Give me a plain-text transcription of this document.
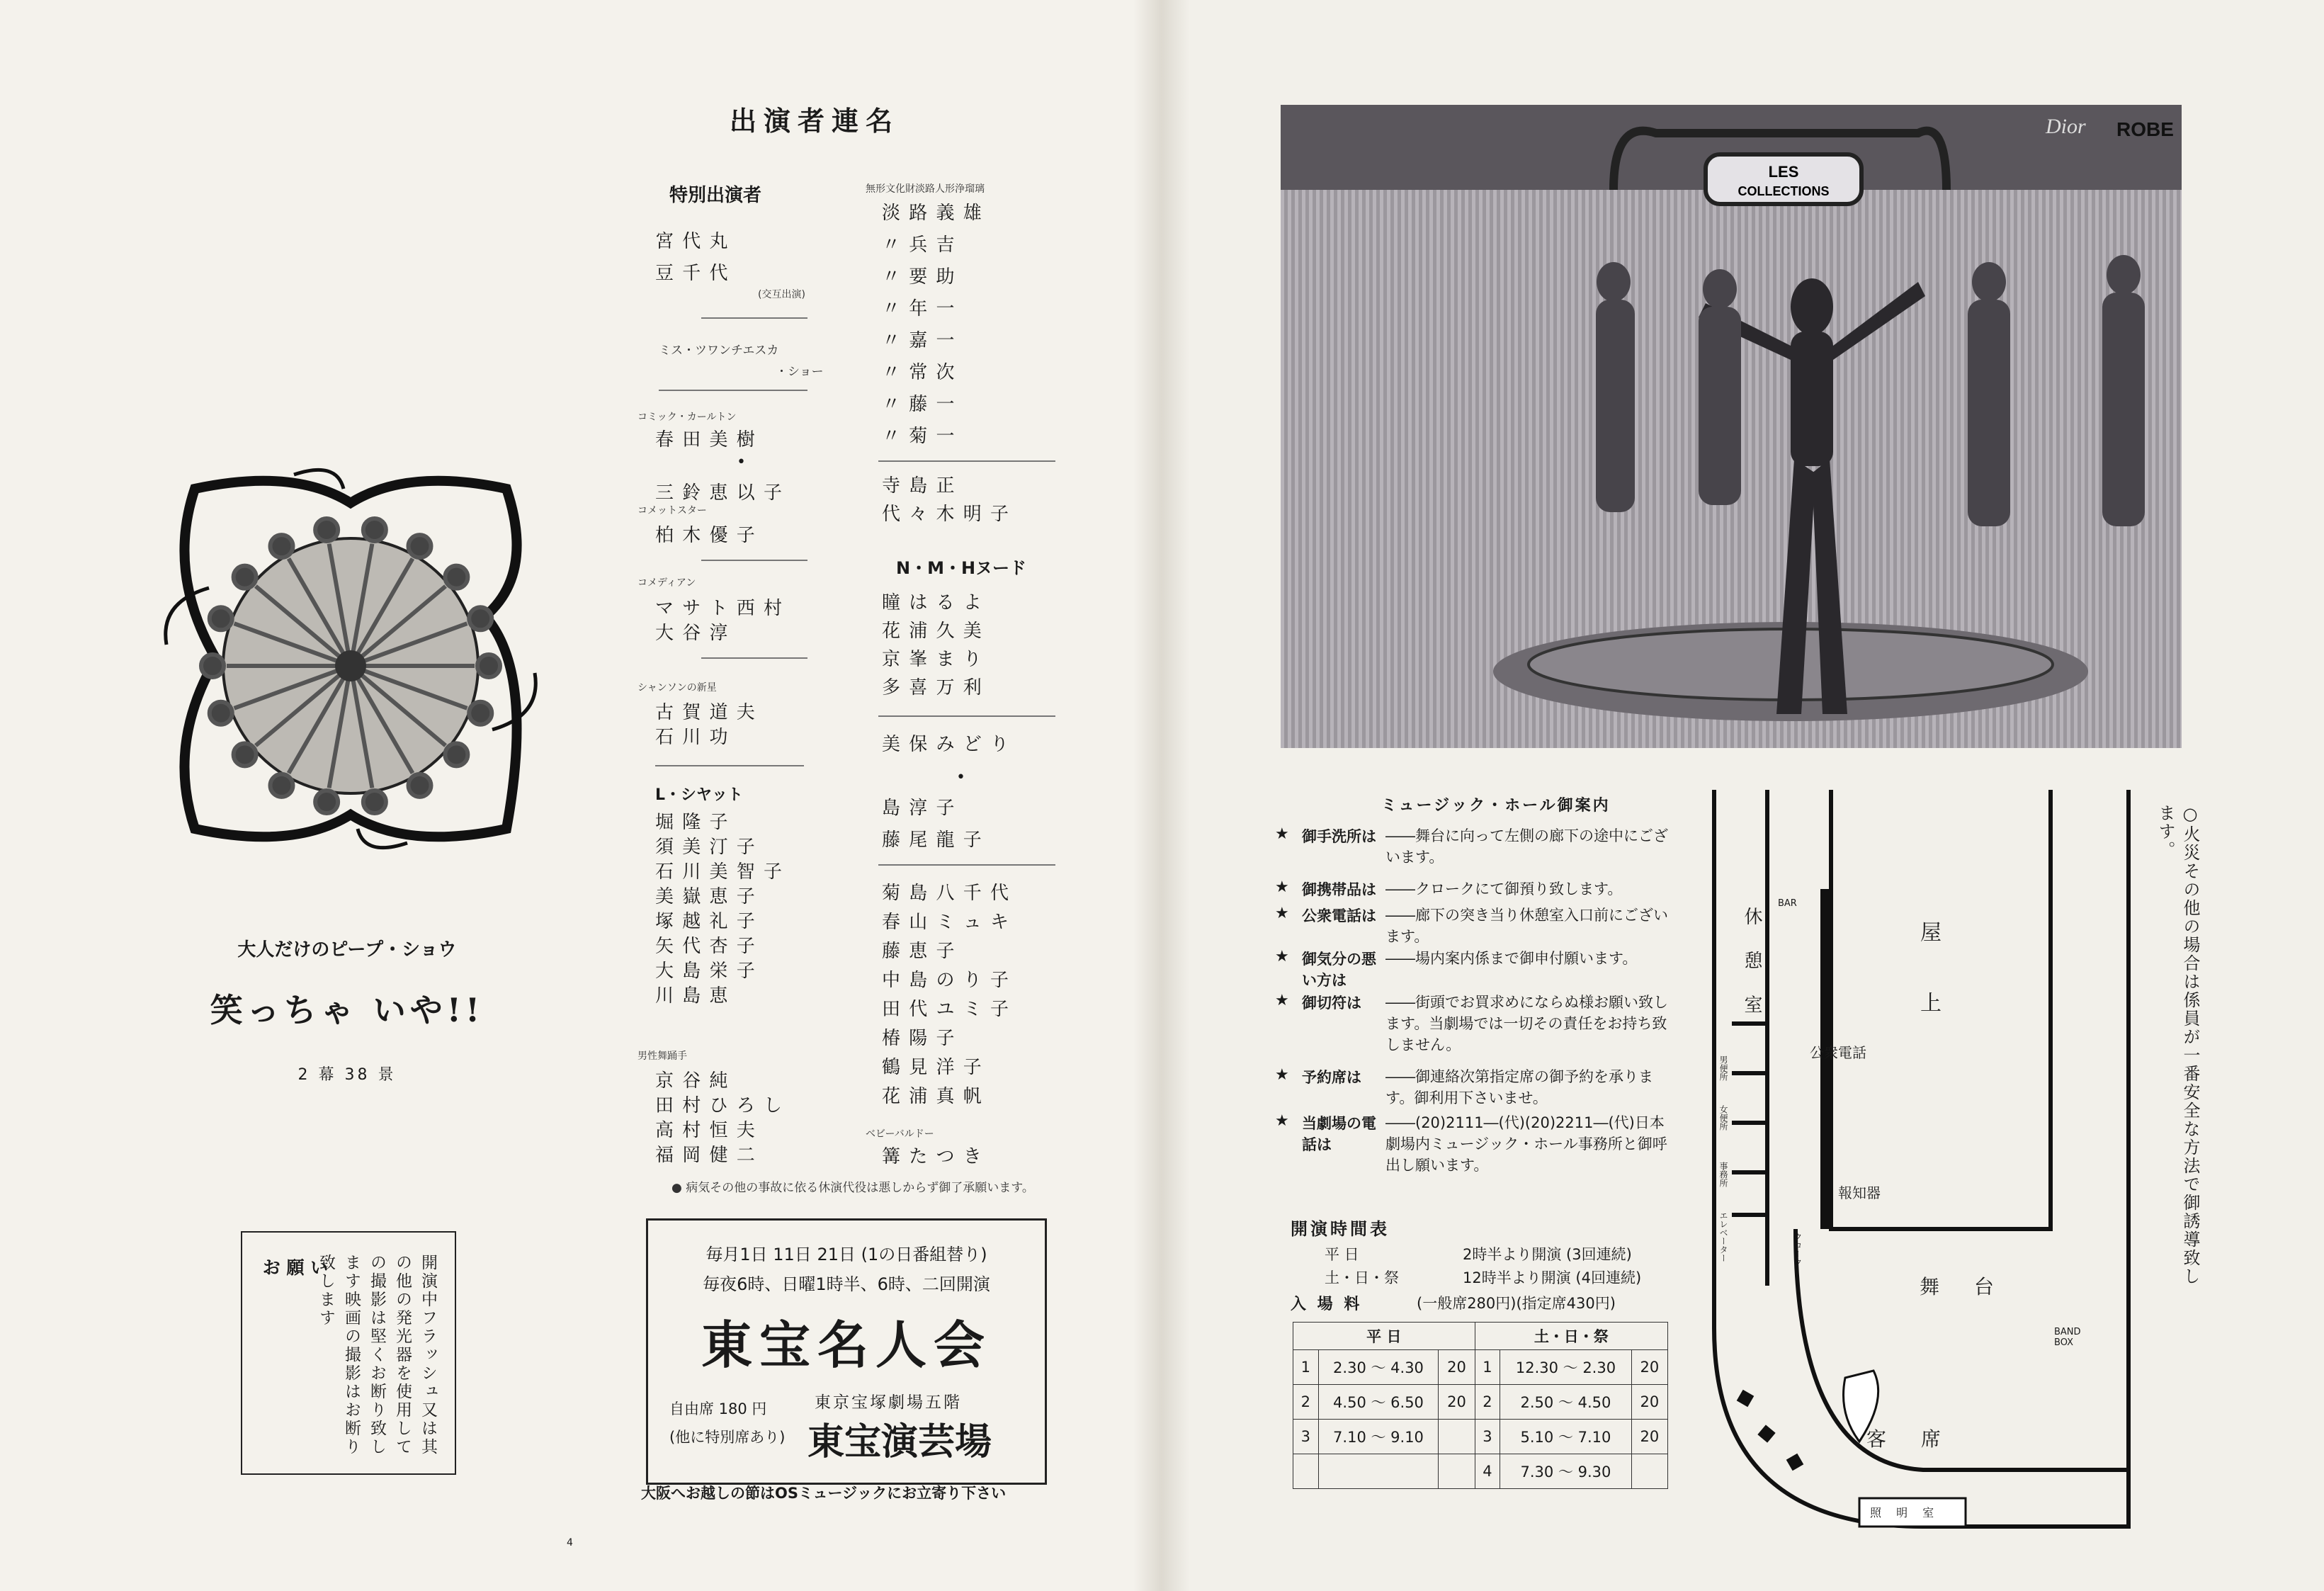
大人だけのピープ・ショウ
笑っちゃ いや!!
2 幕 38 景
お 願 い	開演中フラッシュ又は其の他の発光器を使用しての撮影は堅くお断り致します映画の撮影はお断り致します
出演者連名
特別出演者
宮 代 丸
豆 千 代
(交互出演)
ミス・ツワンチエスカ
・ショー
コミック・カールトン
春 田 美 樹
•
三 鈴 恵 以 子
コメットスター
柏 木 優 子
コメディアン
マ サ ト 西 村
大 谷 淳
シャンソンの新星
古 賀 道 夫
石 川 功
L・シヤット
男性舞踊手
無形文化財淡路人形浄瑠璃
寺 島 正
代 々 木 明 子
N・M・Hヌード
美 保 み ど り
•
島 淳 子
藤 尾 龍 子
ベビーバルドー
篝 た つ き
● 病気その他の事故に依る休演代役は悪しからず御了承願います。
毎月1日 11日 21日 (1の日番組替り)
毎夜6時、日曜1時半、6時、二回開演
東宝名人会
自由席 180 円
(他に特別席あり)
東京宝塚劇場五階
東宝演芸場
大阪へお越しの節はOSミュージックにお立寄り下さい
4
LES
COLLECTIONS
Dior ROBE
ミュージック・ホール御案内
開演時間表
平 日	2時半より開演 (3回連続)
土・日・祭	12時半より開演 (4回連続)
入 場 料	(一般席280円)(指定席430円)
平 日			土・日・祭		
1	2.30 ～ 4.30	20	1	12.30 ～ 2.30	20
2	4.50 ～ 6.50	20	2	2.50 ～ 4.50	20
3	7.10 ～ 9.10		3	5.10 ～ 7.10	20
			4	7.30 ～ 9.30	
屋 上
休 憩 室
BAR
公衆電話
男便所
女便所
事務所
エレベーター	クローク
報知器
舞 台
BAND BOX
客 席
照 明 室
○火災その他の場合は係員が一番安全な方法で御誘導致します。
堀 隆 子
須 美 汀 子
石 川 美 智 子
美 嶽 恵 子
塚 越 礼 子
矢 代 杏 子
大 島 栄 子
川 島 恵
京 谷 純
田 村 ひ ろ し
高 村 恒 夫
福 岡 健 二
淡 路 義 雄
〃 兵 吉
〃 要 助
〃 年 一
〃 嘉 一
〃 常 次
〃 藤 一
〃 菊 一
瞳 は る よ
花 浦 久 美
京 峯 ま り
多 喜 万 利
菊 島 八 千 代
春 山 ミ ュ キ
藤 恵 子
中 島 の り 子
田 代 ユ ミ 子
椿 陽 子
鶴 見 洋 子
花 浦 真 帆
★ 御手洗所は ――舞台に向って左側の廊下の途中にございます。
★ 御携帯品は ――クロークにて御預り致します。
★ 公衆電話は ――廊下の突き当り休憩室入口前にございます。
★ 御気分の悪い方は
――場内案内係まで御申付願います。
★ 御切符は	――街頭でお買求めにならぬ様お願い致します。当劇場では一切その責任をお持ち致しません。
★ 予約席は	――御連絡次第指定席の御予約を承ります。御利用下さいませ。
★ 当劇場の電話は
――(20)2111―(代)(20)2211―(代)日本劇場内ミュージック・ホール事務所と御呼出し願います。
